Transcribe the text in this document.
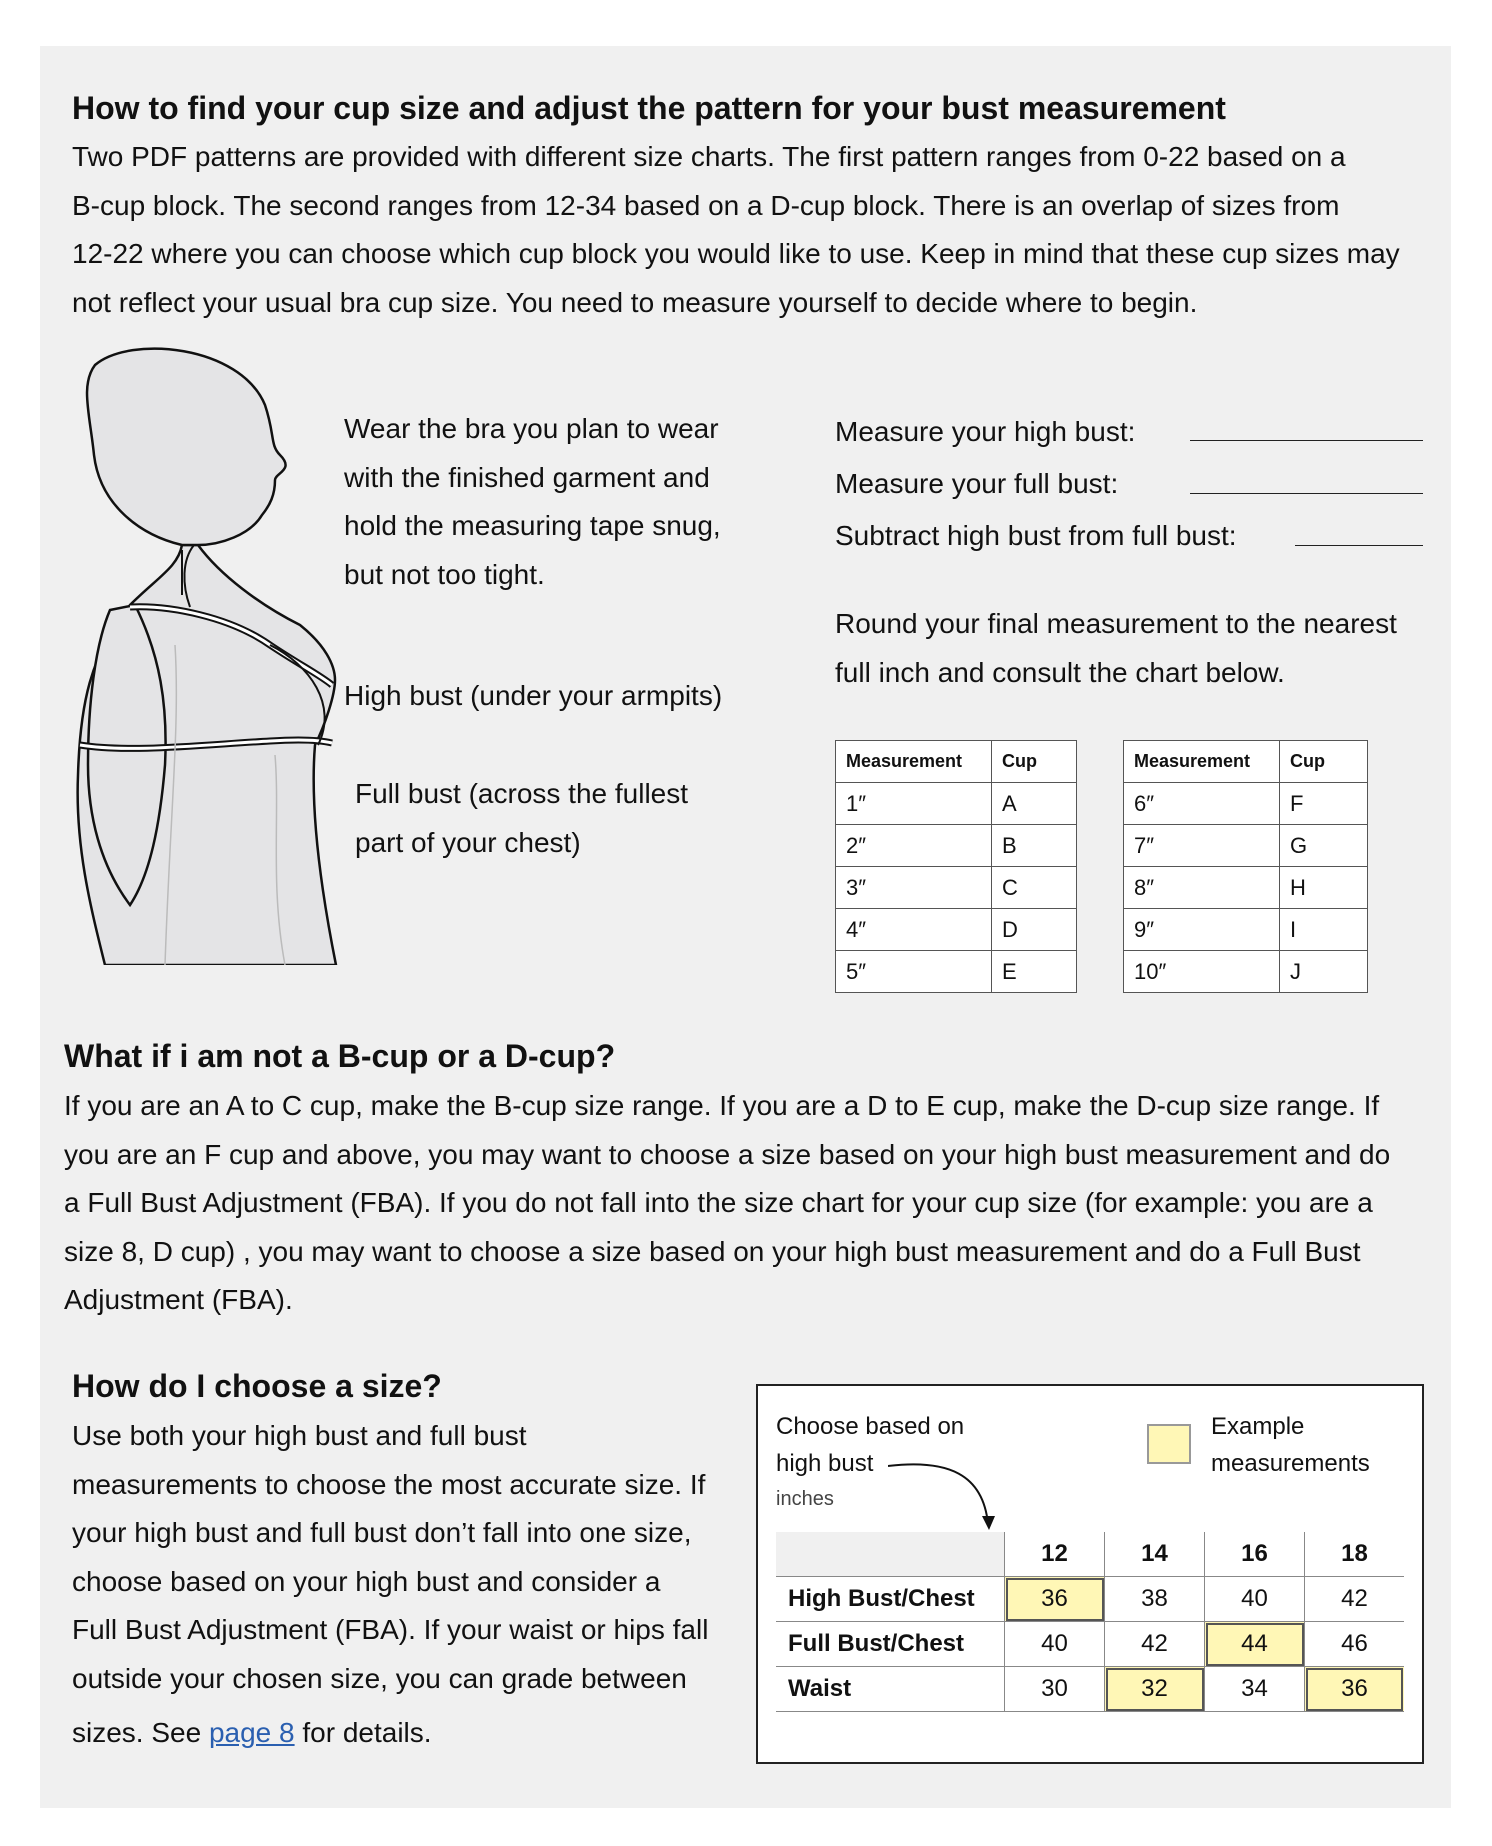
How to find your cup size and adjust the pattern for your bust measurement
Two PDF patterns are provided with different size charts. The first pattern ranges from 0-22 based on a
B-cup block. The second ranges from 12-34 based on a D-cup block. There is an overlap of sizes from
12-22 where you can choose which cup block you would like to use. Keep in mind that these cup sizes may
not reflect your usual bra cup size. You need to measure yourself to decide where to begin.
Wear the bra you plan to wear
with the finished garment and
hold the measuring tape snug,
but not too tight.
High bust (under your armpits)
Full bust (across the fullest
part of your chest)
Measure your high bust:
Measure your full bust:
Subtract high bust from full bust:
Round your final measurement to the nearest
full inch and consult the chart below.
Measurement	Cup
1″	A
2″	B
3″	C
4″	D
5″	E
Measurement	Cup
6″	F
7″	G
8″	H
9″	I
10″	J
What if i am not a B-cup or a D-cup?
If you are an A to C cup, make the B-cup size range. If you are a D to E cup, make the D-cup size range. If
you are an F cup and above, you may want to choose a size based on your high bust measurement and do
a Full Bust Adjustment (FBA). If you do not fall into the size chart for your cup size (for example: you are a
size 8, D cup) , you may want to choose a size based on your high bust measurement and do a Full Bust
Adjustment (FBA).
How do I choose a size?
Use both your high bust and full bust
measurements to choose the most accurate size. If
your high bust and full bust don’t fall into one size,
choose based on your high bust and consider a
Full Bust Adjustment (FBA). If your waist or hips fall
outside your chosen size, you can grade between
sizes. See page 8 for details.
Choose based on
high bust
inches
Example
measurements
	12	14	16	18
High Bust/Chest	36	38	40	42
Full Bust/Chest	40	42	44	46
Waist	30	32	34	36
